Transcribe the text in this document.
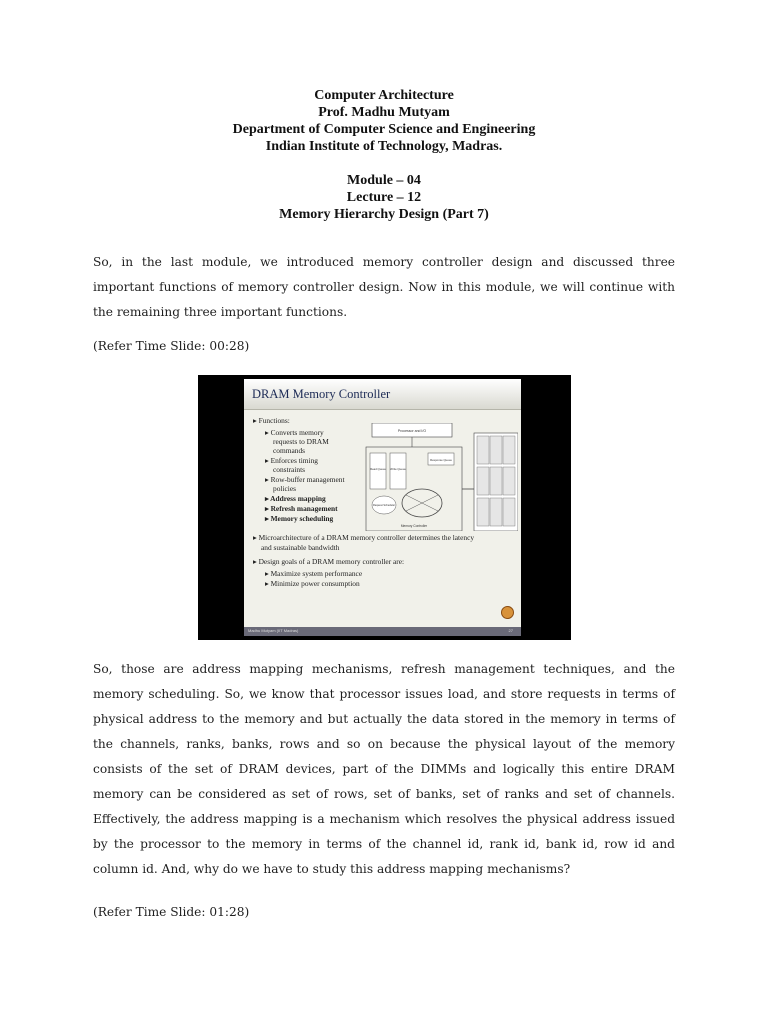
Computer Architecture
Prof. Madhu Mutyam
Department of Computer Science and Engineering
Indian Institute of Technology, Madras.
Module – 04
Lecture – 12
Memory Hierarchy Design (Part 7)
So, in the last module, we introduced memory controller design and discussed three important functions of memory controller design. Now in this module, we will continue with the remaining three important functions.
(Refer Time Slide: 00:28)
DRAM Memory Controller
▸ Functions:
▸ Converts memory
requests to DRAM
commands
▸ Enforces timing
constraints
▸ Row-buffer management
policies
▸ Address mapping
▸ Refresh management
▸ Memory scheduling
▸ Microarchitecture of a DRAM memory controller determines the latency
and sustainable bandwidth
▸ Design goals of a DRAM memory controller are:
▸ Maximize system performance
▸ Minimize power consumption
Processor and I/O
Read Queue Write Queue
Response Queue
Request Scheduler
Memory Controller
Madhu Mutyam (IIT Madras)	27
So, those are address mapping mechanisms, refresh management techniques, and the memory scheduling. So, we know that processor issues load, and store requests in terms of physical address to the memory and but actually the data stored in the memory in terms of the channels, ranks, banks, rows and so on because the physical layout of the memory consists of the set of DRAM devices, part of the DIMMs and logically this entire DRAM memory can be considered as set of rows, set of banks, set of ranks and set of channels. Effectively, the address mapping is a mechanism which resolves the physical address issued by the processor to the memory in terms of the channel id, rank id, bank id, row id and column id. And, why do we have to study this address mapping mechanisms?
(Refer Time Slide: 01:28)
